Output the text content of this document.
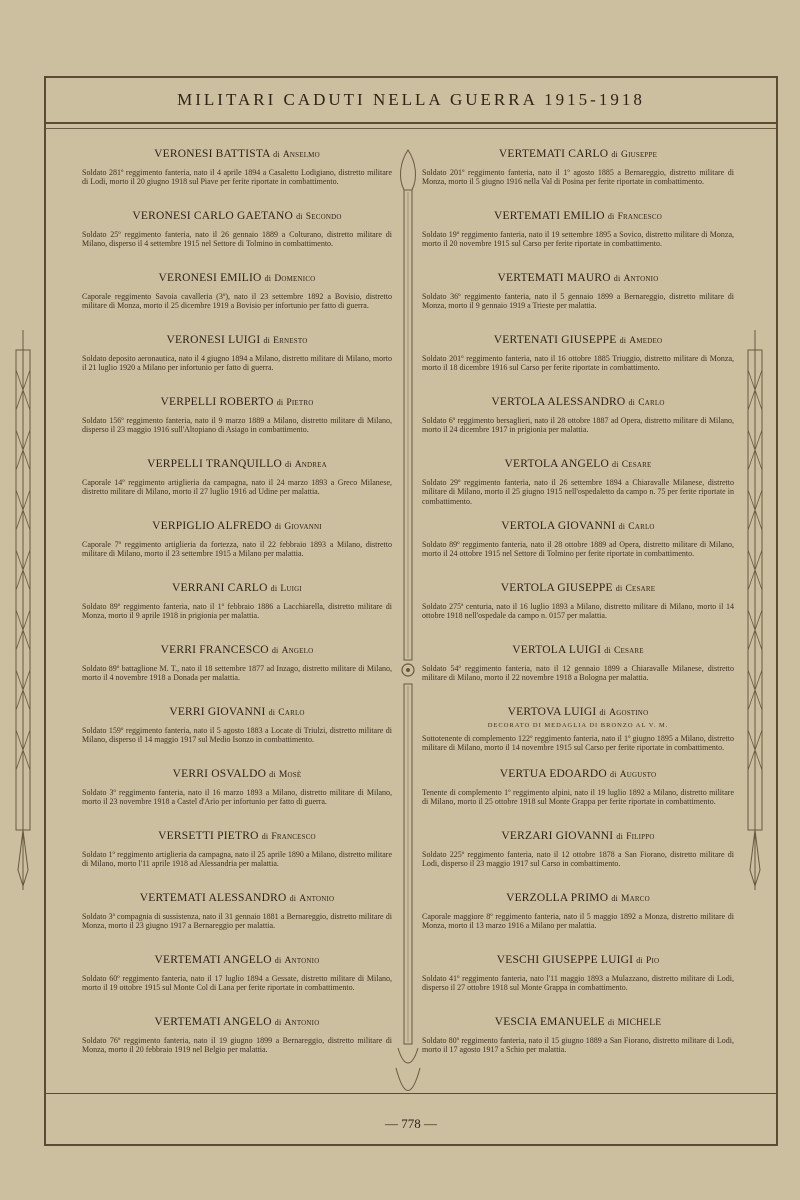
MILITARI CADUTI NELLA GUERRA 1915-1918
VERONESI BATTISTA di Anselmo
Soldato 281º reggimento fanteria, nato il 4 aprile 1894 a Casaletto Lodigiano, distretto militare di Lodi, morto il 20 giugno 1918 sul Piave per ferite riportate in combattimento.
VERONESI CARLO GAETANO di Secondo
Soldato 25º reggimento fanteria, nato il 26 gennaio 1889 a Colturano, distretto militare di Milano, disperso il 4 settembre 1915 nel Settore di Tolmino in combattimento.
VERONESI EMILIO di Domenico
Caporale reggimento Savoia cavalleria (3º), nato il 23 settembre 1892 a Bovisio, distretto militare di Monza, morto il 25 dicembre 1919 a Bovisio per infortunio per fatto di guerra.
VERONESI LUIGI di Ernesto
Soldato deposito aeronautica, nato il 4 giugno 1894 a Milano, distretto militare di Milano, morto il 21 luglio 1920 a Milano per infortunio per fatto di guerra.
VERPELLI ROBERTO di Pietro
Soldato 156º reggimento fanteria, nato il 9 marzo 1889 a Milano, distretto militare di Milano, disperso il 23 maggio 1916 sull'Altopiano di Asiago in combattimento.
VERPELLI TRANQUILLO di Andrea
Caporale 14º reggimento artiglieria da campagna, nato il 24 marzo 1893 a Greco Milanese, distretto militare di Milano, morto il 27 luglio 1916 ad Udine per malattia.
VERPIGLIO ALFREDO di Giovanni
Caporale 7º reggimento artiglieria da fortezza, nato il 22 febbraio 1893 a Milano, distretto militare di Milano, morto il 23 settembre 1915 a Milano per malattia.
VERRANI CARLO di Luigi
Soldato 89º reggimento fanteria, nato il 1º febbraio 1886 a Lacchiarella, distretto militare di Monza, morto il 9 aprile 1918 in prigionia per malattia.
VERRI FRANCESCO di Angelo
Soldato 89º battaglione M. T., nato il 18 settembre 1877 ad Inzago, distretto militare di Milano, morto il 4 novembre 1918 a Donada per malattia.
VERRI GIOVANNI di Carlo
Soldato 159º reggimento fanteria, nato il 5 agosto 1883 a Locate di Triulzi, distretto militare di Milano, disperso il 14 maggio 1917 sul Medio Isonzo in combattimento.
VERRI OSVALDO di Mosè
Soldato 3º reggimento fanteria, nato il 16 marzo 1893 a Milano, distretto militare di Milano, morto il 23 novembre 1918 a Castel d'Ario per infortunio per fatto di guerra.
VERSETTI PIETRO di Francesco
Soldato 1º reggimento artiglieria da campagna, nato il 25 aprile 1890 a Milano, distretto militare di Milano, morto l'11 aprile 1918 ad Alessandria per malattia.
VERTEMATI ALESSANDRO di Antonio
Soldato 3ª compagnia di sussistenza, nato il 31 gennaio 1881 a Bernareggio, distretto militare di Monza, morto il 23 giugno 1917 a Bernareggio per malattia.
VERTEMATI ANGELO di Antonio
Soldato 60º reggimento fanteria, nato il 17 luglio 1894 a Gessate, distretto militare di Milano, morto il 19 ottobre 1915 sul Monte Col di Lana per ferite riportate in combattimento.
VERTEMATI ANGELO di Antonio
Soldato 76º reggimento fanteria, nato il 19 giugno 1899 a Bernareggio, distretto militare di Monza, morto il 20 febbraio 1919 nel Belgio per malattia.
VERTEMATI CARLO di Giuseppe
Soldato 201º reggimento fanteria, nato il 1º agosto 1885 a Bernareggio, distretto militare di Monza, morto il 5 giugno 1916 nella Val di Posina per ferite riportate in combattimento.
VERTEMATI EMILIO di Francesco
Soldato 19º reggimento fanteria, nato il 19 settembre 1895 a Sovico, distretto militare di Monza, morto il 20 novembre 1915 sul Carso per ferite riportate in combattimento.
VERTEMATI MAURO di Antonio
Soldato 36º reggimento fanteria, nato il 5 gennaio 1899 a Bernareggio, distretto militare di Monza, morto il 9 gennaio 1919 a Trieste per malattia.
VERTENATI GIUSEPPE di Amedeo
Soldato 201º reggimento fanteria, nato il 16 ottobre 1885 Triuggio, distretto militare di Monza, morto il 18 dicembre 1916 sul Carso per ferite riportate in combattimento.
VERTOLA ALESSANDRO di Carlo
Soldato 6º reggimento bersaglieri, nato il 28 ottobre 1887 ad Opera, distretto militare di Milano, morto il 24 dicembre 1917 in prigionia per malattia.
VERTOLA ANGELO di Cesare
Soldato 29º reggimento fanteria, nato il 26 settembre 1894 a Chiaravalle Milanese, distretto militare di Milano, morto il 25 giugno 1915 nell'ospedaletto da campo n. 75 per ferite riportate in combattimento.
VERTOLA GIOVANNI di Carlo
Soldato 89º reggimento fanteria, nato il 28 ottobre 1889 ad Opera, distretto militare di Milano, morto il 24 ottobre 1915 nel Settore di Tolmino per ferite riportate in combattimento.
VERTOLA GIUSEPPE di Cesare
Soldato 275ª centuria, nato il 16 luglio 1893 a Milano, distretto militare di Milano, morto il 14 ottobre 1918 nell'ospedale da campo n. 0157 per malattia.
VERTOLA LUIGI di Cesare
Soldato 54º reggimento fanteria, nato il 12 gennaio 1899 a Chiaravalle Milanese, distretto militare di Milano, morto il 22 novembre 1918 a Bologna per malattia.
VERTOVA LUIGI di Agostino
DECORATO DI MEDAGLIA DI BRONZO AL V. M.
Sottotenente di complemento 122º reggimento fanteria, nato il 1º giugno 1895 a Milano, distretto militare di Milano, morto il 14 novembre 1915 sul Carso per ferite riportate in combattimento.
VERTUA EDOARDO di Augusto
Tenente di complemento 1º reggimento alpini, nato il 19 luglio 1892 a Milano, distretto militare di Milano, morto il 25 ottobre 1918 sul Monte Grappa per ferite riportate in combattimento.
VERZARI GIOVANNI di Filippo
Soldato 225º reggimento fanteria, nato il 12 ottobre 1878 a San Fiorano, distretto militare di Lodi, disperso il 23 maggio 1917 sul Carso in combattimento.
VERZOLLA PRIMO di Marco
Caporale maggiore 8º reggimento fanteria, nato il 5 maggio 1892 a Monza, distretto militare di Monza, morto il 13 marzo 1916 a Milano per malattia.
VESCHI GIUSEPPE LUIGI di Pio
Soldato 41º reggimento fanteria, nato l'11 maggio 1893 a Mulazzano, distretto militare di Lodi, disperso il 27 ottobre 1918 sul Monte Grappa in combattimento.
VESCIA EMANUELE di MICHELE
Soldato 80º reggimento fanteria, nato il 15 giugno 1889 a San Fiorano, distretto militare di Lodi, morto il 17 agosto 1917 a Schio per malattia.
— 778 —
